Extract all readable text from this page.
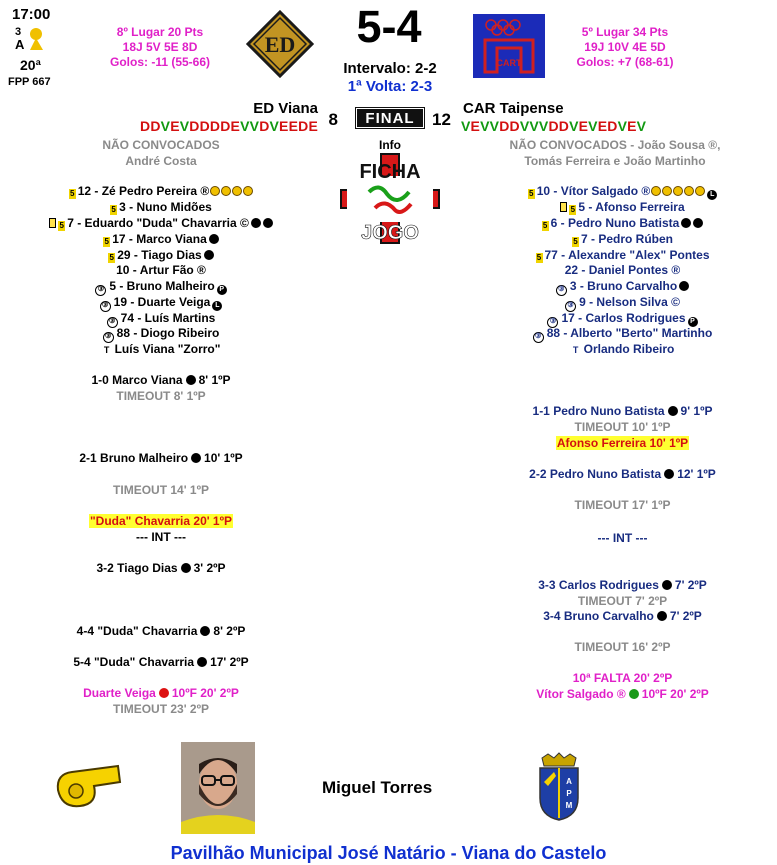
17:00
3
A
20ª
FPP 667
8º Lugar 20 Pts
18J 5V 5E 8D
Golos: -11 (55-66)
ED	5-4
Intervalo: 2-2
1ª Volta: 2-3
CART
5º Lugar 34 Pts
19J 10V 4E 5D
Golos: +7 (68-61)
ED Viana
8	FINAL	12
CAR Taipense
DDVEVDDDDEVVDVEEDE	VEVVDDVVVDDVEVEDVEV
Info
FICHA
JOGO
NÃO CONVOCADOS
André Costa
NÃO CONVOCADOS - João Sousa ®,
Tomás Ferreira e João Martinho
5 12 - Zé Pedro Pereira ®
5 3 - Nuno Midões
5 7 - Eduardo "Duda" Chavarria ©
5 17 - Marco Viana
5 29 - Tiago Dias
10 - Artur Fão ®
③ 5 - Bruno Malheiro P
③ 19 - Duarte Veiga L
③ 74 - Luís Martins
③ 88 - Diogo Ribeiro
T Luís Viana "Zorro"
5 10 - Vítor Salgado ®	L
5 5 - Afonso Ferreira
5 6 - Pedro Nuno Batista
5 7 - Pedro Rúben
5 77 - Alexandre "Alex" Pontes
22 - Daniel Pontes ®
③ 3 - Bruno Carvalho
③ 9 - Nelson Silva ©
③ 17 - Carlos Rodrigues P
③ 88 - Alberto "Berto" Martinho
T Orlando Ribeiro
1-0 Marco Viana 8' 1ºP
TIMEOUT 8' 1ºP
2-1 Bruno Malheiro 10' 1ºP
TIMEOUT 14' 1ºP
"Duda" Chavarria 20' 1ºP
--- INT ---
3-2 Tiago Dias 3' 2ºP
4-4 "Duda" Chavarria 8' 2ºP
5-4 "Duda" Chavarria 17' 2ºP
Duarte Veiga 10ºF 20' 2ºP
TIMEOUT 23' 2ºP
1-1 Pedro Nuno Batista 9' 1ºP
TIMEOUT 10' 1ºP
Afonso Ferreira 10' 1ºP
2-2 Pedro Nuno Batista 12' 1ºP
TIMEOUT 17' 1ºP
--- INT ---
3-3 Carlos Rodrigues 7' 2ºP
TIMEOUT 7' 2ºP
3-4 Bruno Carvalho 7' 2ºP
TIMEOUT 16' 2ºP
10ª FALTA 20' 2ºP
Vítor Salgado ® 10ºF 20' 2ºP
Miguel Torres	A
P
M
Pavilhão Municipal José Natário - Viana do Castelo
